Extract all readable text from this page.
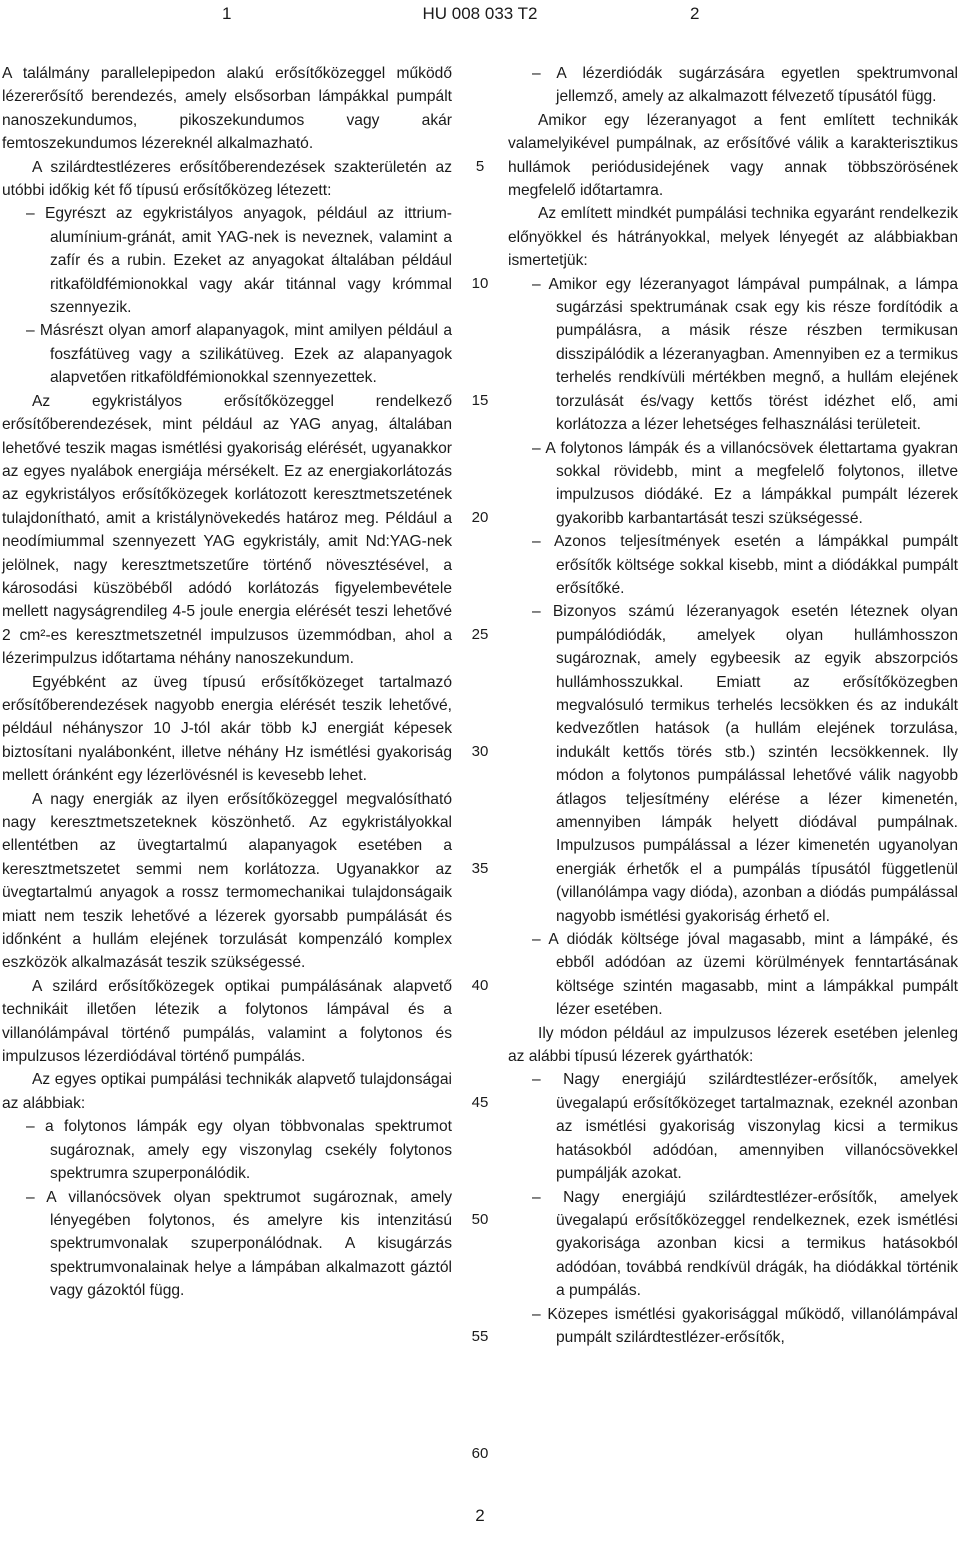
1	HU 008 033 T2	2

A találmány parallelepipedon alakú erősítőközeggel működő lézererősítő berendezés, amely elsősorban lámpákkal pumpált nanoszekundumos, pikoszekundumos vagy akár femtoszekundumos lézereknél alkalmazható.

A szilárdtestlézeres erősítőberendezések szakterületén az utóbbi időkig két fő típusú erősítőközeg létezett:

– Egyrészt az egykristályos anyagok, például az ittrium-alumínium-gránát, amit YAG-nek is neveznek, valamint a zafír és a rubin. Ezeket az anyagokat általában például ritkaföldfémionokkal vagy akár titánnal vagy krómmal szennyezik.

– Másrészt olyan amorf alapanyagok, mint amilyen például a foszfátüveg vagy a szilikátüveg. Ezek az alapanyagok alapvetően ritkaföldfémionokkal szennyezettek.

Az egykristályos erősítőközeggel rendelkező erősítőberendezések, mint például az YAG anyag, általában lehetővé teszik magas ismétlési gyakoriság elérését, ugyanakkor az egyes nyalábok energiája mérsékelt. Ez az energiakorlátozás az egykristályos erősítőközegek korlátozott keresztmetszetének tulajdonítható, amit a kristálynövekedés határoz meg. Például a neodímiummal szennyezett YAG egykristály, amit Nd:YAG-nek jelölnek, nagy keresztmetszetűre történő növesztésével, a károsodási küszöbéből adódó korlátozás figyelembevétele mellett nagyságrendileg 4-5 joule energia elérését teszi lehetővé 2 cm²-es keresztmetszetnél impulzusos üzemmódban, ahol a lézerimpulzus időtartama néhány nanoszekundum.

Egyébként az üveg típusú erősítőközeget tartalmazó erősítőberendezések nagyobb energia elérését teszik lehetővé, például néhányszor 10 J-tól akár több kJ energiát képesek biztosítani nyalábonként, illetve néhány Hz ismétlési gyakoriság mellett óránként egy lézerlövésnél is kevesebb lehet.

A nagy energiák az ilyen erősítőközeggel megvalósítható nagy keresztmetszeteknek köszönhető. Az egykristályokkal ellentétben az üvegtartalmú alapanyagok esetében a keresztmetszetet semmi nem korlátozza. Ugyanakkor az üvegtartalmú anyagok a rossz termomechanikai tulajdonságaik miatt nem teszik lehetővé a lézerek gyorsabb pumpálását és időnként a hullám elejének torzulását kompenzáló komplex eszközök alkalmazását teszik szükségessé.

A szilárd erősítőközegek optikai pumpálásának alapvető technikáit illetően létezik a folytonos lámpával és a villanólámpával történő pumpálás, valamint a folytonos és impulzusos lézerdiódával történő pumpálás.

Az egyes optikai pumpálási technikák alapvető tulajdonságai az alábbiak:

– a folytonos lámpák egy olyan többvonalas spektrumot sugároznak, amely egy viszonylag csekély folytonos spektrumra szuperponálódik.

– A villanócsövek olyan spektrumot sugároznak, amely lényegében folytonos, és amelyre kis intenzitású spektrumvonalak szuperponálódnak. A kisugárzás spektrumvonalainak helye a lámpában alkalmazott gáztól vagy gázoktól függ.

– A lézerdiódák sugárzására egyetlen spektrumvonal jellemző, amely az alkalmazott félvezető típusától függ.

Amikor egy lézeranyagot a fent említett technikák valamelyikével pumpálnak, az erősítővé válik a karakterisztikus hullámok periódusidejének vagy annak többszörösének megfelelő időtartamra.

Az említett mindkét pumpálási technika egyaránt rendelkezik előnyökkel és hátrányokkal, melyek lényegét az alábbiakban ismertetjük:

– Amikor egy lézeranyagot lámpával pumpálnak, a lámpa sugárzási spektrumának csak egy kis része fordítódik a pumpálásra, a másik része részben termikusan disszipálódik a lézeranyagban. Amennyiben ez a termikus terhelés rendkívüli mértékben megnő, a hullám elejének torzulását és/vagy kettős törést idézhet elő, ami korlátozza a lézer lehetséges felhasználási területeit.

– A folytonos lámpák és a villanócsövek élettartama gyakran sokkal rövidebb, mint a megfelelő folytonos, illetve impulzusos diódáké. Ez a lámpákkal pumpált lézerek gyakoribb karbantartását teszi szükségessé.

– Azonos teljesítmények esetén a lámpákkal pumpált erősítők költsége sokkal kisebb, mint a diódákkal pumpált erősítőké.

– Bizonyos számú lézeranyagok esetén léteznek olyan pumpálódiódák, amelyek olyan hullámhosszon sugároznak, amely egybeesik az egyik abszorpciós hullámhosszukkal. Emiatt az erősítőközegben megvalósuló termikus terhelés lecsökken és az indukált kedvezőtlen hatások (a hullám elejének torzulása, indukált kettős törés stb.) szintén lecsökkennek. Ily módon a folytonos pumpálással lehetővé válik nagyobb átlagos teljesítmény elérése a lézer kimenetén, amennyiben lámpák helyett diódával pumpálnak. Impulzusos pumpálással a lézer kimenetén ugyanolyan energiák érhetők el a pumpálás típusától függetlenül (villanólámpa vagy dióda), azonban a diódás pumpálással nagyobb ismétlési gyakoriság érhető el.

– A diódák költsége jóval magasabb, mint a lámpáké, és ebből adódóan az üzemi körülmények fenntartásának költsége szintén magasabb, mint a lámpákkal pumpált lézer esetében.

Ily módon például az impulzusos lézerek esetében jelenleg az alábbi típusú lézerek gyárthatók:

– Nagy energiájú szilárdtestlézer-erősítők, amelyek üvegalapú erősítőközeget tartalmaznak, ezeknél azonban az ismétlési gyakoriság viszonylag kicsi a termikus hatásokból adódóan, amennyiben villanócsövekkel pumpálják azokat.

– Nagy energiájú szilárdtestlézer-erősítők, amelyek üvegalapú erősítőközeggel rendelkeznek, ezek ismétlési gyakorisága azonban kicsi a termikus hatásokból adódóan, továbbá rendkívül drágák, ha diódákkal történik a pumpálás.

– Közepes ismétlési gyakorisággal működő, villanólámpával pumpált szilárdtestlézer-erősítők,

5
10
15
20
25
30
35
40
45
50
55
60
2
